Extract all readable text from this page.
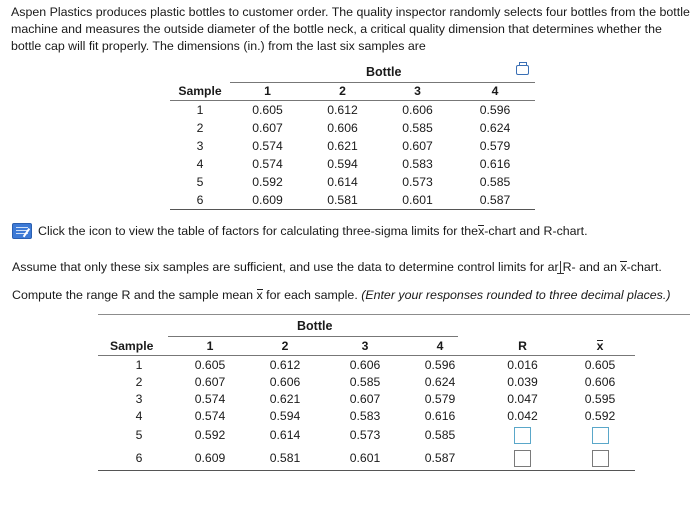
Aspen Plastics produces plastic bottles to customer order. The quality inspector randomly selects four bottles from the bottle machine and measures the outside diameter of the bottle neck, a critical quality dimension that determines whether the bottle cap will fit properly. The dimensions (in.) from the last six samples are
Bottle
Sample	1	2	3	4
1	0.605	0.612	0.606	0.596
2	0.607	0.606	0.585	0.624
3	0.574	0.621	0.607	0.579
4	0.574	0.594	0.583	0.616
5	0.592	0.614	0.573	0.585
6	0.609	0.581	0.601	0.587
Click the icon to view the table of factors for calculating three-sigma limits for the x -chart and R-chart.
Assume that only these six samples are sufficient, and use the data to determine control limits for ar R- and an x-chart.
Compute the range R and the sample mean x for each sample. (Enter your responses rounded to three decimal places.)
Bottle
Sample	1	2	3	4	R	x
1	0.605	0.612	0.606	0.596	0.016	0.605
2	0.607	0.606	0.585	0.624	0.039	0.606
3	0.574	0.621	0.607	0.579	0.047	0.595
4	0.574	0.594	0.583	0.616	0.042	0.592
5	0.592	0.614	0.573	0.585		
6	0.609	0.581	0.601	0.587		
